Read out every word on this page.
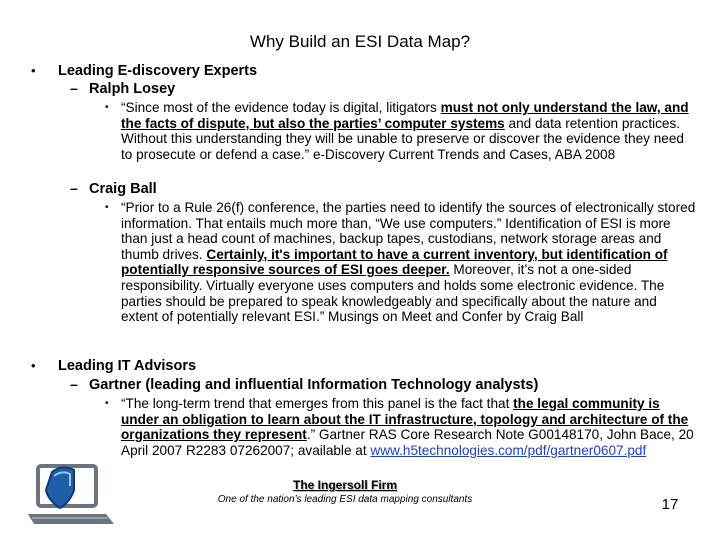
Why Build an ESI Data Map?
• Leading E-discovery Experts
– Ralph Losey
• “Since most of the evidence today is digital, litigators must not only understand the law, and the facts of dispute, but also the parties’ computer systems and data retention practices. Without this understanding they will be unable to preserve or discover the evidence they need to prosecute or defend a case.” e-Discovery Current Trends and Cases, ABA 2008
– Craig Ball
• “Prior to a Rule 26(f) conference, the parties need to identify the sources of electronically stored information. That entails much more than, “We use computers.” Identification of ESI is more than just a head count of machines, backup tapes, custodians, network storage areas and thumb drives. Certainly, it's important to have a current inventory, but identification of potentially responsive sources of ESI goes deeper. Moreover, it’s not a one-sided responsibility. Virtually everyone uses computers and holds some electronic evidence. The parties should be prepared to speak knowledgeably and specifically about the nature and extent of potentially relevant ESI.” Musings on Meet and Confer by Craig Ball
• Leading IT Advisors
– Gartner (leading and influential Information Technology analysts)
• “The long-term trend that emerges from this panel is the fact that the legal community is under an obligation to learn about the IT infrastructure, topology and architecture of the organizations they represent.” Gartner RAS Core Research Note G00148170, John Bace, 20 April 2007 R2283 07262007; available at www.h5technologies.com/pdf/gartner0607.pdf
The Ingersoll Firm
One of the nation’s leading ESI data mapping consultants	17
